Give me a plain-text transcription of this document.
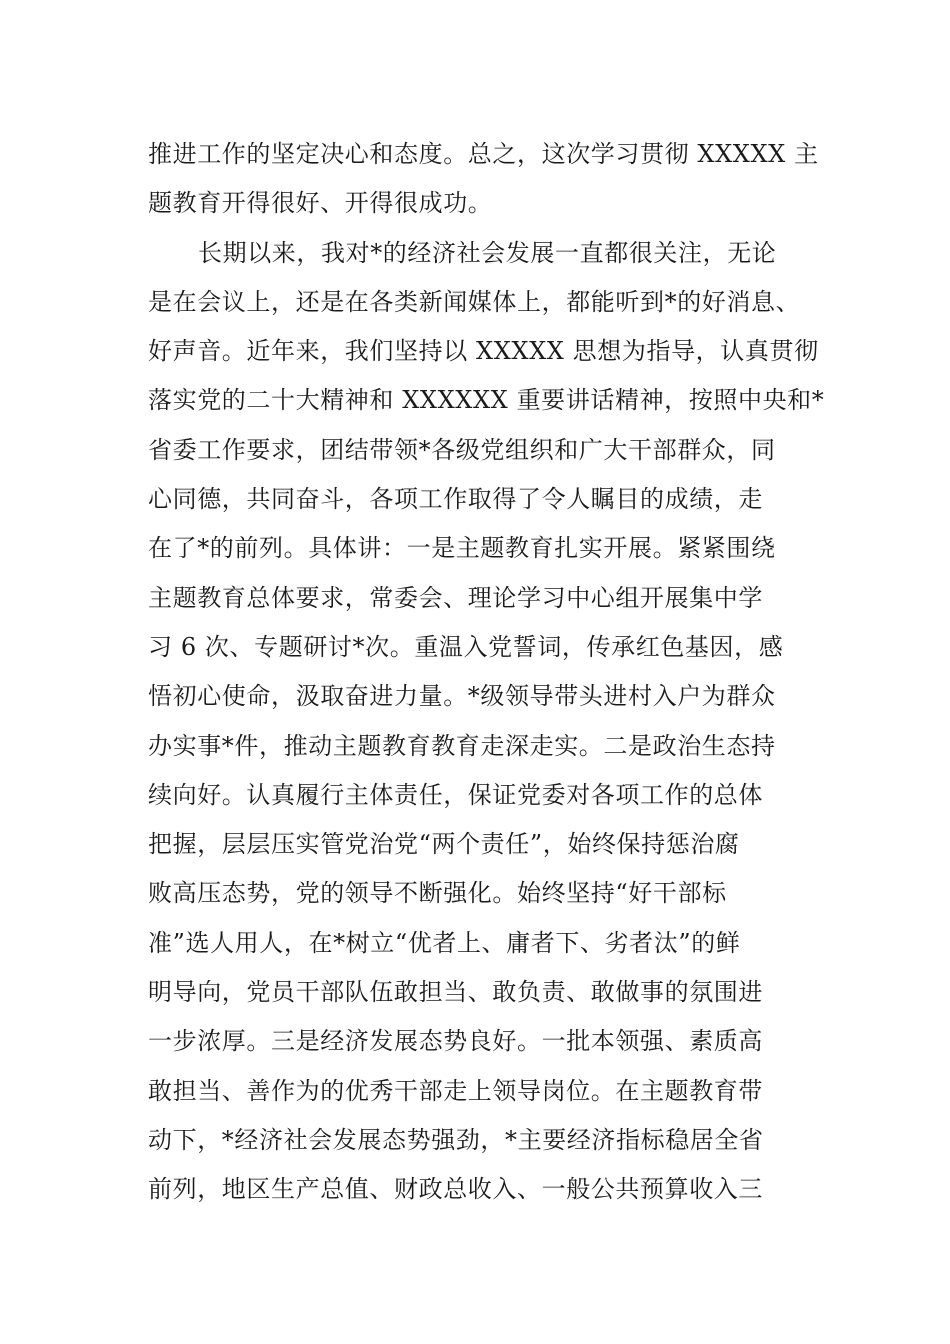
推进工作的坚定决心和态度。总之，这次学习贯彻 XXXXX 主
题教育开得很好、开得很成功。
长期以来，我对*的经济社会发展一直都很关注，无论
是在会议上，还是在各类新闻媒体上，都能听到*的好消息、
好声音。近年来，我们坚持以 XXXXX 思想为指导，认真贯彻
落实党的二十大精神和 XXXXXX 重要讲话精神，按照中央和*
省委工作要求，团结带领*各级党组织和广大干部群众，同
心同德，共同奋斗，各项工作取得了令人瞩目的成绩，走
在了*的前列。具体讲：一是主题教育扎实开展。紧紧围绕
主题教育总体要求，常委会、理论学习中心组开展集中学
习 6 次、专题研讨*次。重温入党誓词，传承红色基因，感
悟初心使命，汲取奋进力量。*级领导带头进村入户为群众
办实事*件，推动主题教育教育走深走实。二是政治生态持
续向好。认真履行主体责任，保证党委对各项工作的总体
把握，层层压实管党治党“两个责任”，始终保持惩治腐
败高压态势，党的领导不断强化。始终坚持“好干部标
准”选人用人，在*树立“优者上、庸者下、劣者汰”的鲜
明导向，党员干部队伍敢担当、敢负责、敢做事的氛围进
一步浓厚。三是经济发展态势良好。一批本领强、素质高
敢担当、善作为的优秀干部走上领导岗位。在主题教育带
动下，*经济社会发展态势强劲，*主要经济指标稳居全省
前列，地区生产总值、财政总收入、一般公共预算收入三
